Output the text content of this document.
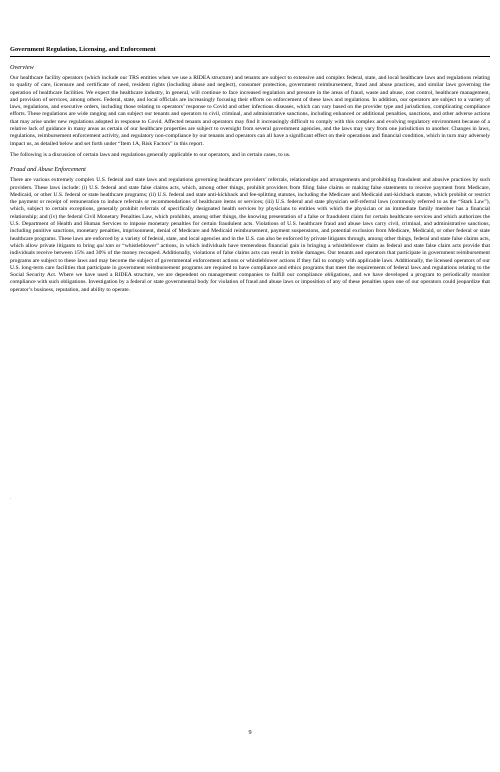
Government Regulation, Licensing, and Enforcement

Overview

Our healthcare facility operators (which include our TRS entities when we use a RIDEA structure) and tenants are subject to extensive and complex federal, state, and local healthcare laws and regulations relating to quality of care, licensure and certificate of need, resident rights (including abuse and neglect), consumer protection, government reimbursement, fraud and abuse practices, and similar laws governing the operation of healthcare facilities. We expect the healthcare industry, in general, will continue to face increased regulation and pressure in the areas of fraud, waste and abuse, cost control, healthcare management, and provision of services, among others. Federal, state, and local officials are increasingly focusing their efforts on enforcement of these laws and regulations. In addition, our operators are subject to a variety of laws, regulations, and executive orders, including those relating to operators’ response to Covid and other infectious diseases, which can vary based on the provider type and jurisdiction, complicating compliance efforts. These regulations are wide ranging and can subject our tenants and operators to civil, criminal, and administrative sanctions, including enhanced or additional penalties, sanctions, and other adverse actions that may arise under new regulations adopted in response to Covid. Affected tenants and operators may find it increasingly difficult to comply with this complex and evolving regulatory environment because of a relative lack of guidance in many areas as certain of our healthcare properties are subject to oversight from several government agencies, and the laws may vary from one jurisdiction to another. Changes in laws, regulations, reimbursement enforcement activity, and regulatory non-compliance by our tenants and operators can all have a significant effect on their operations and financial condition, which in turn may adversely impact us, as detailed below and set forth under “Item 1A, Risk Factors” in this report.

The following is a discussion of certain laws and regulations generally applicable to our operators, and in certain cases, to us.

Fraud and Abuse Enforcement

There are various extremely complex U.S. federal and state laws and regulations governing healthcare providers’ referrals, relationships and arrangements and prohibiting fraudulent and abusive practices by such providers. These laws include: (i) U.S. federal and state false claims acts, which, among other things, prohibit providers from filing false claims or making false statements to receive payment from Medicare, Medicaid, or other U.S. federal or state healthcare programs; (ii) U.S. federal and state anti-kickback and fee-splitting statutes, including the Medicare and Medicaid anti-kickback statute, which prohibit or restrict the payment or receipt of remuneration to induce referrals or recommendations of healthcare items or services; (iii) U.S. federal and state physician self-referral laws (commonly referred to as the “Stark Law”), which, subject to certain exceptions, generally prohibit referrals of specifically designated health services by physicians to entities with which the physician or an immediate family member has a financial relationship; and (iv) the federal Civil Monetary Penalties Law, which prohibits, among other things, the knowing presentation of a false or fraudulent claim for certain healthcare services and which authorizes the U.S. Department of Health and Human Services to impose monetary penalties for certain fraudulent acts. Violations of U.S. healthcare fraud and abuse laws carry civil, criminal, and administrative sanctions, including punitive sanctions, monetary penalties, imprisonment, denial of Medicare and Medicaid reimbursement, payment suspensions, and potential exclusion from Medicare, Medicaid, or other federal or state healthcare programs. These laws are enforced by a variety of federal, state, and local agencies and in the U.S. can also be enforced by private litigants through, among other things, federal and state false claims acts, which allow private litigants to bring qui tam or “whistleblower” actions, in which individuals have tremendous financial gain in bringing a whistleblower claim as federal and state false claim acts provide that individuals receive between 15% and 30% of the money recouped. Additionally, violations of false claims acts can result in treble damages. Our tenants and operators that participate in government reimbursement programs are subject to these laws and may become the subject of governmental enforcement actions or whistleblower actions if they fail to comply with applicable laws. Additionally, the licensed operators of our U.S. long-term care facilities that participate in government reimbursement programs are required to have compliance and ethics programs that meet the requirements of federal laws and regulations relating to the Social Security Act. Where we have used a RIDEA structure, we are dependent on management companies to fulfill our compliance obligations, and we have developed a program to periodically monitor compliance with such obligations. Investigation by a federal or state governmental body for violation of fraud and abuse laws or imposition of any of these penalties upon one of our operators could jeopardize that operator’s business, reputation, and ability to operate.

.
9
